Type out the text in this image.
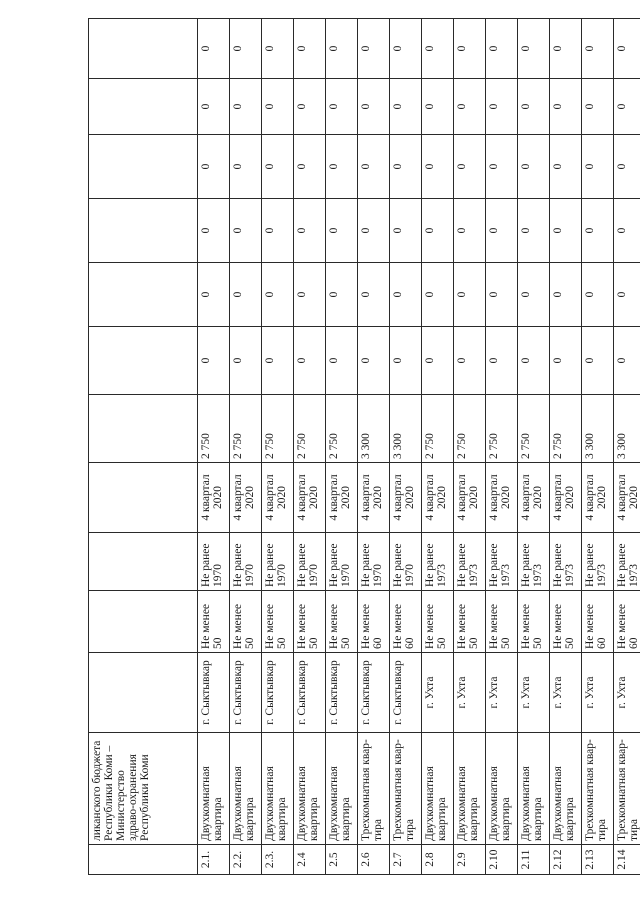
	ликанского бюджета Республики Коми – Министерство здраво-охранения Республики Коми											
2.1.	Двухкомнатная квартира	г. Сыктывкар	Не менее 50	Не ранее 1970	4 квартал 2020	2 750	0	0	0	0	0	0
2.2.	Двухкомнатная квартира	г. Сыктывкар	Не менее 50	Не ранее 1970	4 квартал 2020	2 750	0	0	0	0	0	0
2.3.	Двухкомнатная квартира	г. Сыктывкар	Не менее 50	Не ранее 1970	4 квартал 2020	2 750	0	0	0	0	0	0
2.4	Двухкомнатная квартира	г. Сыктывкар	Не менее 50	Не ранее 1970	4 квартал 2020	2 750	0	0	0	0	0	0
2.5	Двухкомнатная квартира	г. Сыктывкар	Не менее 50	Не ранее 1970	4 квартал 2020	2 750	0	0	0	0	0	0
2.6	Трехкомнатная квар-тира	г. Сыктывкар	Не менее 60	Не ранее 1970	4 квартал 2020	3 300	0	0	0	0	0	0
2.7	Трехкомнатная квар-тира	г. Сыктывкар	Не менее 60	Не ранее 1970	4 квартал 2020	3 300	0	0	0	0	0	0
2.8	Двухкомнатная квартира	г. Ухта	Не менее 50	Не ранее 1973	4 квартал 2020	2 750	0	0	0	0	0	0
2.9	Двухкомнатная квартира	г. Ухта	Не менее 50	Не ранее 1973	4 квартал 2020	2 750	0	0	0	0	0	0
2.10	Двухкомнатная квартира	г. Ухта	Не менее 50	Не ранее 1973	4 квартал 2020	2 750	0	0	0	0	0	0
2.11	Двухкомнатная квартира	г. Ухта	Не менее 50	Не ранее 1973	4 квартал 2020	2 750	0	0	0	0	0	0
2.12	Двухкомнатная квартира	г. Ухта	Не менее 50	Не ранее 1973	4 квартал 2020	2 750	0	0	0	0	0	0
2.13	Трехкомнатная квар-тира	г. Ухта	Не менее 60	Не ранее 1973	4 квартал 2020	3 300	0	0	0	0	0	0
2.14	Трехкомнатная квар-тира	г. Ухта	Не менее 60	Не ранее 1973	4 квартал 2020	3 300	0	0	0	0	0	0
